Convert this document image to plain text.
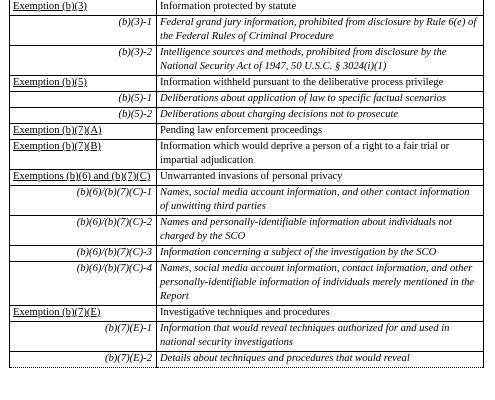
Exemption (b)(3)	Information protected by statute
(b)(3)-1	Federal grand jury information, prohibited from disclosure by Rule 6(e) of the Federal Rules of Criminal Procedure
(b)(3)-2	Intelligence sources and methods, prohibited from disclosure by the National Security Act of 1947, 50 U.S.C. § 3024(i)(1)
Exemption (b)(5)	Information withheld pursuant to the deliberative process privilege
(b)(5)-1	Deliberations about application of law to specific factual scenarios
(b)(5)-2	Deliberations about charging decisions not to prosecute
Exemption (b)(7)(A)	Pending law enforcement proceedings
Exemption (b)(7)(B)	Information which would deprive a person of a right to a fair trial or impartial adjudication
Exemptions (b)(6) and (b)(7)(C)	Unwarranted invasions of personal privacy
(b)(6)/(b)(7)(C)-1	Names, social media account information, and other contact information of unwitting third parties
(b)(6)/(b)(7)(C)-2	Names and personally-identifiable information about individuals not charged by the SCO
(b)(6)/(b)(7)(C)-3	Information concerning a subject of the investigation by the SCO
(b)(6)/(b)(7)(C)-4	Names, social media account information, contact information, and other personally-identifiable information of individuals merely mentioned in the Report
Exemption (b)(7)(E)	Investigative techniques and procedures
(b)(7)(E)-1	Information that would reveal techniques authorized for and used in national security investigations
(b)(7)(E)-2	Details about techniques and procedures that would reveal
